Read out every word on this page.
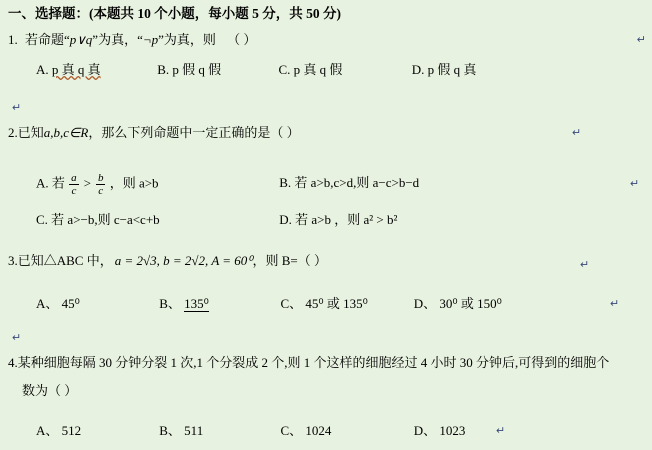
一、选择题：(本题共 10 个小题，每小题 5 分，共 50 分)
1. 若命题“p∨q”为真，“¬p”为真，则 （ ）	↵
A. p 真 q 真	B. p 假 q 假	C. p 真 q 假	D. p 假 q 真
↵
2.已知a,b,c∈R，那么下列命题中一定正确的是（ ）	↵
A. 若 $\frac{a}{c} > \frac{b}{c}$ ，则 a>b	B. 若 a>b,c>d,则 a−c>b−d	↵
C. 若 a>−b,则 c−a<c+b	D. 若 a>b ，则 a² > b²
3.已知△ABC 中， a = 2√3, b = 2√2, A = 60⁰，则 B=（ ）	↵
A、 45⁰	B、 135⁰	C、 45⁰ 或 135⁰	D、 30⁰ 或 150⁰	↵
↵
4.某种细胞每隔 30 分钟分裂 1 次,1 个分裂成 2 个,则 1 个这样的细胞经过 4 小时 30 分钟后,可得到的细胞个
数为（ ）
A、 512	B、 511	C、 1024	D、 1023	↵
